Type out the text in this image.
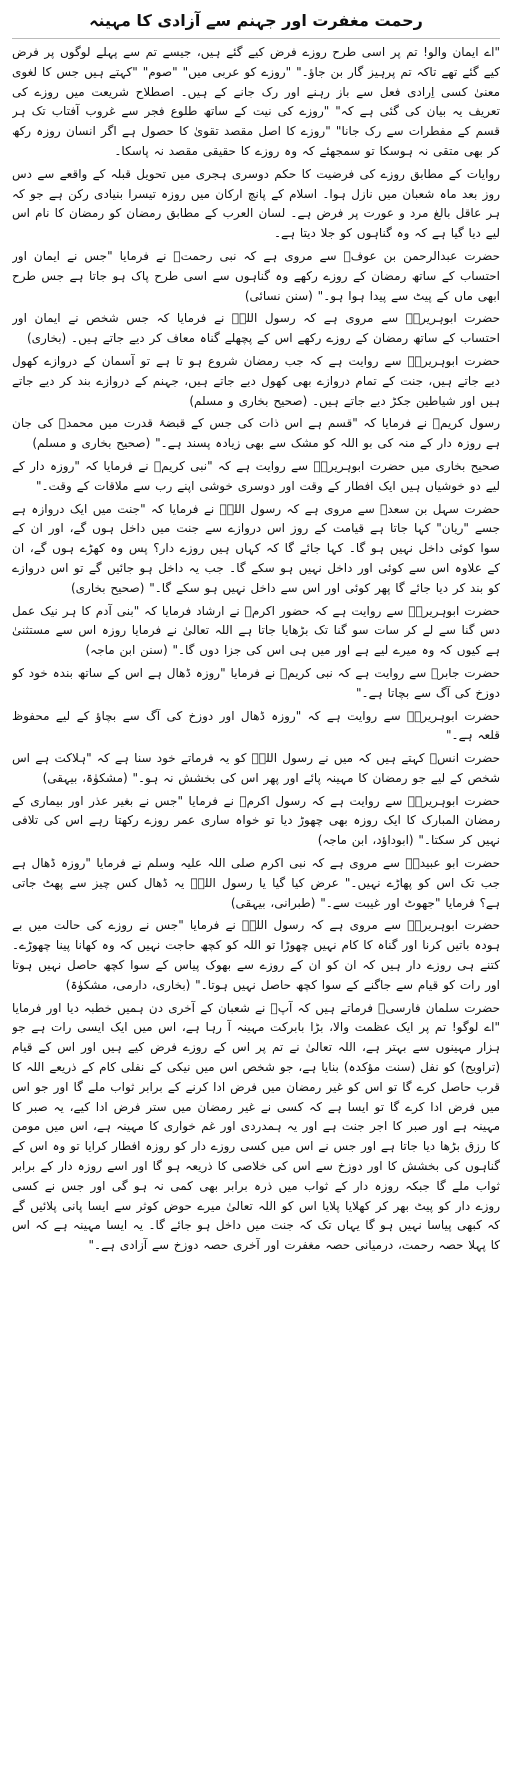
رحمت مغفرت اور جہنم سے آزادی کا مہینہ

"اے ایمان والو! تم پر اسی طرح روزے فرض کیے گئے ہیں، جیسے تم سے پہلے لوگوں پر فرض کیے گئے تھے تاکہ تم پرہیز گار بن جاؤ۔" "روزے کو عربی میں" "صوم" "کہتے ہیں جس کا لغوی معنیٰ کسی اِرادی فعل سے باز رہنے اور رک جانے کے ہیں۔ اصطلاح شریعت میں روزے کی تعریف یہ بیان کی گئی ہے کہ" "روزے کی نیت کے ساتھ طلوع فجر سے غروب آفتاب تک ہر قسم کے مفطرات سے رک جانا" "روزے کا اصل مقصد تقویٰ کا حصول ہے اگر انسان روزہ رکھ کر بھی متقی نہ ہوسکا تو سمجھئے کہ وہ روزے کا حقیقی مقصد نہ پاسکا۔

روایات کے مطابق روزے کی فرضیت کا حکم دوسری ہجری میں تحویل قبلہ کے واقعے سے دس روز بعد ماہ شعبان میں نازل ہوا۔ اسلام کے پانچ ارکان میں روزہ تیسرا بنیادی رکن ہے جو کہ ہر عاقل بالغ مرد و عورت پر فرض ہے۔ لسان العرب کے مطابق رمضان کو رمضان کا نام اس لیے دیا گیا ہے کہ وہ گناہوں کو جلا دیتا ہے۔

حضرت عبدالرحمن بن عوفؓ سے مروی ہے کہ نبی رحمتؐ نے فرمایا "جس نے ایمان اور احتساب کے ساتھ رمضان کے روزے رکھے وہ گناہوں سے اسی طرح پاک ہو جاتا ہے جس طرح ابھی ماں کے پیٹ سے پیدا ہوا ہو۔" (سنن نسائی)

حضرت ابوہریرہؓ سے مروی ہے کہ رسول اللہؐ نے فرمایا کہ جس شخص نے ایمان اور احتساب کے ساتھ رمضان کے روزے رکھے اس کے پچھلے گناہ معاف کر دیے جاتے ہیں۔ (بخاری)

حضرت ابوہریرہؓ سے روایت ہے کہ جب رمضان شروع ہو تا ہے تو آسمان کے دروازے کھول دیے جاتے ہیں، جنت کے تمام دروازے بھی کھول دیے جاتے ہیں، جہنم کے دروازے بند کر دیے جاتے ہیں اور شیاطین جکڑ دیے جاتے ہیں۔ (صحیح بخاری و مسلم)

رسول کریمؐ نے فرمایا کہ "قسم ہے اس ذات کی جس کے قبضۂ قدرت میں محمدؐ کی جان ہے روزہ دار کے منہ کی بو اللہ کو مشک سے بھی زیادہ پسند ہے۔" (صحیح بخاری و مسلم)

صحیح بخاری میں حضرت ابوہریرہؓ سے روایت ہے کہ "نبی کریمؐ نے فرمایا کہ "روزہ دار کے لیے دو خوشیاں ہیں ایک افطار کے وقت اور دوسری خوشی اپنے رب سے ملاقات کے وقت۔"

حضرت سہل بن سعدؓ سے مروی ہے کہ رسول اللہؐ نے فرمایا کہ "جنت میں ایک دروازہ ہے جسے "ریان" کہا جاتا ہے قیامت کے روز اس دروازے سے جنت میں داخل ہوں گے، اور ان کے سوا کوئی داخل نہیں ہو گا۔ کہا جائے گا کہ کہاں ہیں روزے دار؟ پس وہ کھڑے ہوں گے، ان کے علاوہ اس سے کوئی اور داخل نہیں ہو سکے گا۔ جب یہ داخل ہو جائیں گے تو اس دروازے کو بند کر دیا جائے گا پھر کوئی اور اس سے داخل نہیں ہو سکے گا۔" (صحیح بخاری)

حضرت ابوہریرہؓ سے روایت ہے کہ حضور اکرمؐ نے ارشاد فرمایا کہ "بنی آدم کا ہر نیک عمل دس گنا سے لے کر سات سو گنا تک بڑھایا جاتا ہے اللہ تعالیٰ نے فرمایا روزہ اس سے مستثنیٰ ہے کیوں کہ وہ میرے لیے ہے اور میں ہی اس کی جزا دوں گا۔" (سنن ابن ماجہ)

حضرت جابرؓ سے روایت ہے کہ نبی کریمؐ نے فرمایا "روزہ ڈھال ہے اس کے ساتھ بندہ خود کو دوزخ کی آگ سے بچاتا ہے۔"

حضرت ابوہریرہؓ سے روایت ہے کہ "روزہ ڈھال اور دوزخ کی آگ سے بچاؤ کے لیے محفوظ قلعہ ہے۔"

حضرت انسؓ کہتے ہیں کہ میں نے رسول اللہؐ کو یہ فرماتے خود سنا ہے کہ "ہلاکت ہے اس شخص کے لیے جو رمضان کا مہینہ پائے اور پھر اس کی بخشش نہ ہو۔" (مشکوٰۃ، بیہقی)

حضرت ابوہریرہؓ سے روایت ہے کہ رسول اکرمؐ نے فرمایا "جس نے بغیر عذر اور بیماری کے رمضان المبارک کا ایک روزہ بھی چھوڑ دیا تو خواہ ساری عمر روزے رکھتا رہے اس کی تلافی نہیں کر سکتا۔" (ابوداؤد، ابن ماجہ)

حضرت ابو عبیدہؓ سے مروی ہے کہ نبی اکرم صلی اللہ علیہ وسلم نے فرمایا "روزہ ڈھال ہے جب تک اس کو پھاڑے نہیں۔" عرض کیا گیا یا رسول اللہؐ یہ ڈھال کس چیز سے پھٹ جاتی ہے؟ فرمایا "جھوٹ اور غیبت سے۔" (طبرانی، بیہقی)

حضرت ابوہریرہؓ سے مروی ہے کہ رسول اللہؐ نے فرمایا "جس نے روزے کی حالت میں بے ہودہ باتیں کرنا اور گناہ کا کام نہیں چھوڑا تو اللہ کو کچھ حاجت نہیں کہ وہ کھانا پینا چھوڑے۔ کتنے ہی روزے دار ہیں کہ ان کو ان کے روزے سے بھوک پیاس کے سوا کچھ حاصل نہیں ہوتا اور رات کو قیام سے جاگنے کے سوا کچھ حاصل نہیں ہوتا۔" (بخاری، دارمی، مشکوٰۃ)

حضرت سلمان فارسیؓ فرماتے ہیں کہ آپؐ نے شعبان کے آخری دن ہمیں خطبہ دیا اور فرمایا "اے لوگو! تم پر ایک عظمت والا، بڑا بابرکت مہینہ آ رہا ہے، اس میں ایک ایسی رات ہے جو ہزار مہینوں سے بہتر ہے، اللہ تعالیٰ نے تم پر اس کے روزے فرض کیے ہیں اور اس کے قیام (تراویح) کو نفل (سنت مؤکدہ) بنایا ہے، جو شخص اس میں نیکی کے نفلی کام کے ذریعے اللہ کا قرب حاصل کرے گا تو اس کو غیر رمضان میں فرض ادا کرنے کے برابر ثواب ملے گا اور جو اس میں فرض ادا کرے گا تو ایسا ہے کہ کسی نے غیر رمضان میں ستر فرض ادا کیے، یہ صبر کا مہینہ ہے اور صبر کا اجر جنت ہے اور یہ ہمدردی اور غم خواری کا مہینہ ہے، اس میں مومن کا رزق بڑھا دیا جاتا ہے اور جس نے اس میں کسی روزے دار کو روزہ افطار کرایا تو وہ اس کے گناہوں کی بخشش کا اور دوزخ سے اس کی خلاصی کا ذریعہ ہو گا اور اسے روزہ دار کے برابر ثواب ملے گا جبکہ روزہ دار کے ثواب میں ذرہ برابر بھی کمی نہ ہو گی اور جس نے کسی روزے دار کو پیٹ بھر کر کھلایا پلایا اس کو اللہ تعالیٰ میرے حوض کوثر سے ایسا پانی پلائیں گے کہ کبھی پیاسا نہیں ہو گا یہاں تک کہ جنت میں داخل ہو جائے گا۔ یہ ایسا مہینہ ہے کہ اس کا پہلا حصہ رحمت، درمیانی حصہ مغفرت اور آخری حصہ دوزخ سے آزادی ہے۔"
